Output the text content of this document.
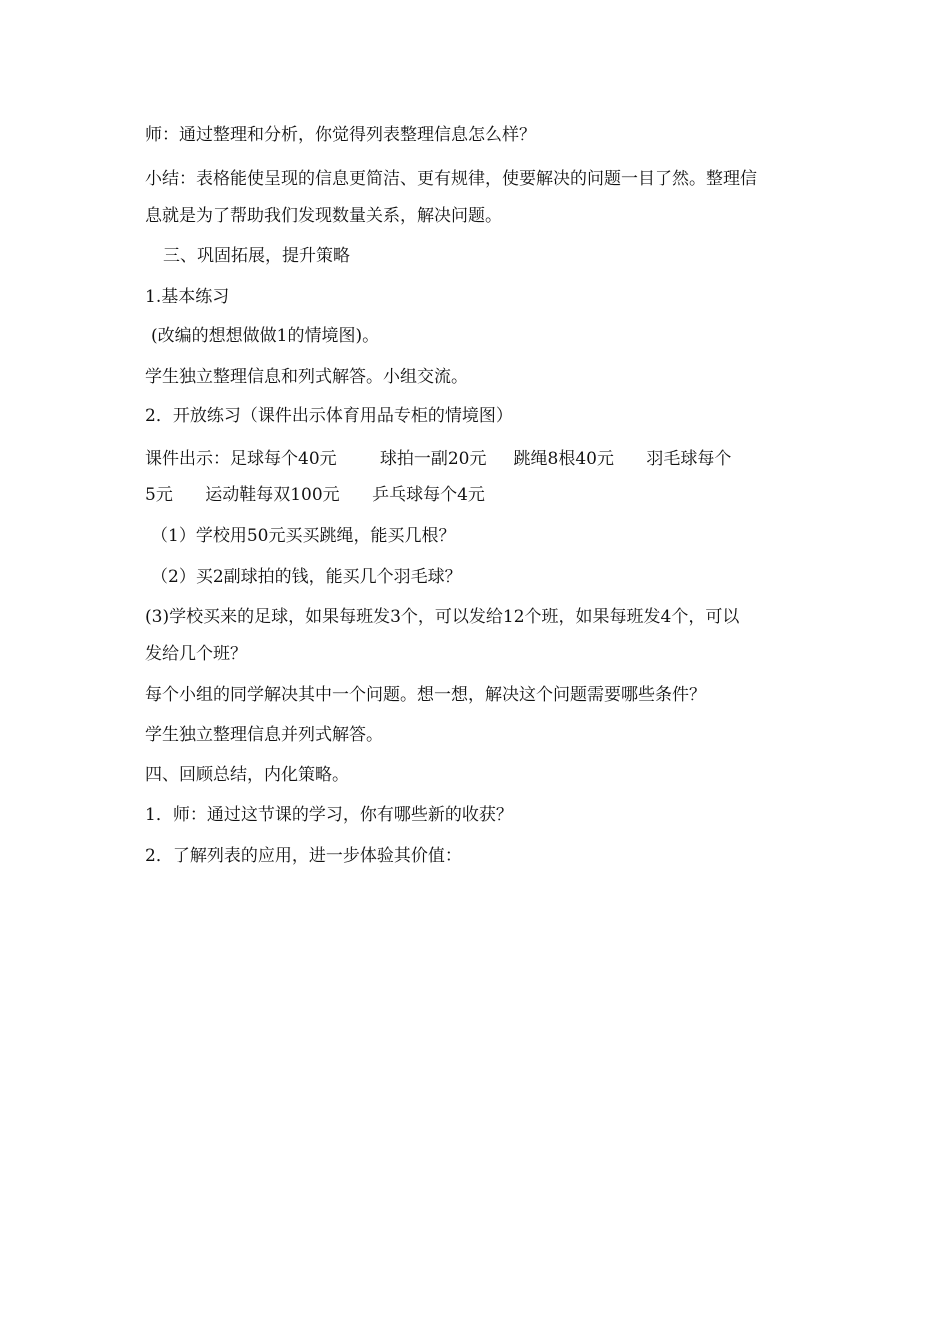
师：通过整理和分析，你觉得列表整理信息怎么样？
小结：表格能使呈现的信息更简洁、更有规律，使要解决的问题一目了然。整理信
息就是为了帮助我们发现数量关系，解决问题。
三、巩固拓展，提升策略
1.基本练习
(改编的想想做做1的情境图)。
学生独立整理信息和列式解答。小组交流。
2．开放练习（课件出示体育用品专柜的情境图）
课件出示：足球每个40元        球拍一副20元     跳绳8根40元      羽毛球每个
5元      运动鞋每双100元      乒乓球每个4元
（1）学校用50元买买跳绳，能买几根？
（2）买2副球拍的钱，能买几个羽毛球？
(3)学校买来的足球，如果每班发3个，可以发给12个班，如果每班发4个，可以
发给几个班？
每个小组的同学解决其中一个问题。想一想，解决这个问题需要哪些条件？
学生独立整理信息并列式解答。
四、回顾总结，内化策略。
1．师：通过这节课的学习，你有哪些新的收获？
2．了解列表的应用，进一步体验其价值：
